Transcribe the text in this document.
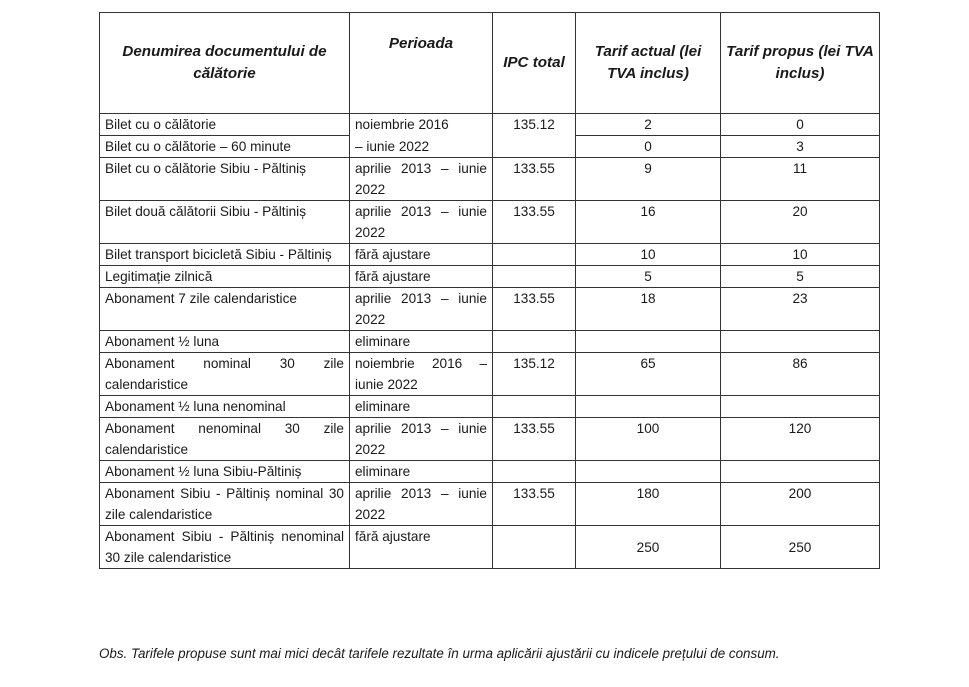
Denumirea documentului de călătorie	Perioada	IPC total	Tarif actual (lei TVA inclus)	Tarif propus (lei TVA inclus)
Bilet cu o călătorie	noiembrie 2016	135.12	2	0
Bilet cu o călătorie – 60 minute	– iunie 2022		0	3
Bilet cu o călătorie Sibiu - Păltiniș	aprilie 2013 – iunie 2022	133.55	9	11
Bilet două călătorii Sibiu - Păltiniș	aprilie 2013 – iunie 2022	133.55	16	20
Bilet transport bicicletă Sibiu - Păltiniș	fără ajustare		10	10
Legitimație zilnică	fără ajustare		5	5
Abonament 7 zile calendaristice	aprilie 2013 – iunie 2022	133.55	18	23
Abonament ½ luna	eliminare			
Abonament nominal 30 zile calendaristice	noiembrie 2016 – iunie 2022	135.12	65	86
Abonament ½ luna nenominal	eliminare			
Abonament nenominal 30 zile calendaristice	aprilie 2013 – iunie 2022	133.55	100	120
Abonament ½ luna Sibiu-Păltiniș	eliminare			
Abonament Sibiu - Păltiniș nominal 30 zile calendaristice	aprilie 2013 – iunie 2022	133.55	180	200
Abonament Sibiu - Păltiniș nenominal 30 zile calendaristice	fără ajustare		250	250

Obs. Tarifele propuse sunt mai mici decât tarifele rezultate în urma aplicării ajustării cu indicele prețului de consum.
